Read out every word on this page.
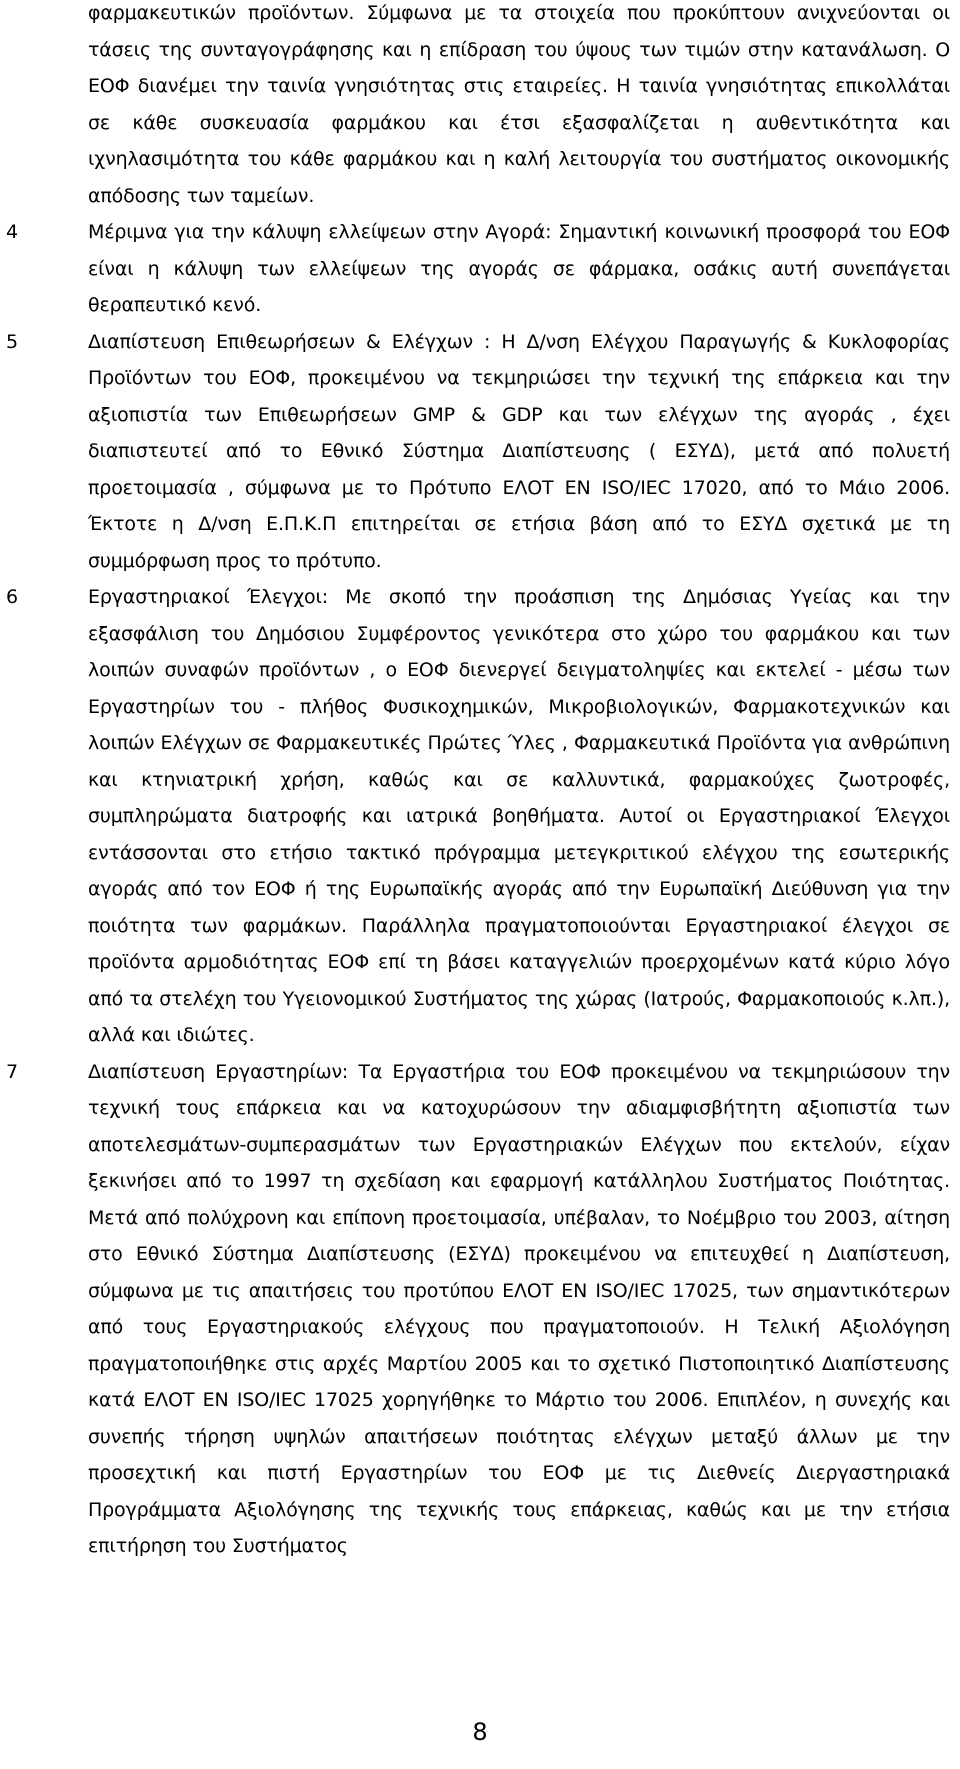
φαρμακευτικών προϊόντων. Σύμφωνα με τα στοιχεία που προκύπτουν ανιχνεύονται οι τάσεις της συνταγογράφησης και η επίδραση του ύψους των τιμών στην κατανάλωση. Ο ΕΟΦ διανέμει την ταινία γνησιότητας στις εταιρείες. Η ταινία γνησιότητας επικολλάται σε κάθε συσκευασία φαρμάκου και έτσι εξασφαλίζεται η αυθεντικότητα και ιχνηλασιμότητα του κάθε φαρμάκου και η καλή λειτουργία του συστήματος οικονομικής απόδοσης των ταμείων.

4	Μέριμνα για την κάλυψη ελλείψεων στην Αγορά: Σημαντική κοινωνική προσφορά του ΕΟΦ είναι η κάλυψη των ελλείψεων της αγοράς σε φάρμακα, οσάκις αυτή συνεπάγεται θεραπευτικό κενό.

5	Διαπίστευση Επιθεωρήσεων & Ελέγχων : Η Δ/νση Ελέγχου Παραγωγής & Κυκλοφορίας Προϊόντων του ΕΟΦ, προκειμένου να τεκμηριώσει την τεχνική της επάρκεια και την αξιοπιστία των Επιθεωρήσεων GMP & GDP και των ελέγχων της αγοράς , έχει διαπιστευτεί από το Εθνικό Σύστημα Διαπίστευσης ( ΕΣΥΔ), μετά από πολυετή προετοιμασία , σύμφωνα με το Πρότυπο ΕΛΟΤ ΕΝ ISO/IEC 17020, από το Μάιο 2006. Έκτοτε η Δ/νση Ε.Π.Κ.Π επιτηρείται σε ετήσια βάση από το ΕΣΥΔ σχετικά με τη συμμόρφωση προς το πρότυπο.

6	Εργαστηριακοί Έλεγχοι: Με σκοπό την προάσπιση της Δημόσιας Υγείας και την εξασφάλιση του Δημόσιου Συμφέροντος γενικότερα στο χώρο του φαρμάκου και των λοιπών συναφών προϊόντων , ο ΕΟΦ διενεργεί δειγματοληψίες και εκτελεί - μέσω των Εργαστηρίων του - πλήθος Φυσικοχημικών, Μικροβιολογικών, Φαρμακοτεχνικών και λοιπών Ελέγχων σε Φαρμακευτικές Πρώτες Ύλες , Φαρμακευτικά Προϊόντα για ανθρώπινη και κτηνιατρική χρήση, καθώς και σε καλλυντικά, φαρμακούχες ζωοτροφές, συμπληρώματα διατροφής και ιατρικά βοηθήματα. Αυτοί οι Εργαστηριακοί Έλεγχοι εντάσσονται στο ετήσιο τακτικό πρόγραμμα μετεγκριτικού ελέγχου της εσωτερικής αγοράς από τον ΕΟΦ ή της Ευρωπαϊκής αγοράς από την Ευρωπαϊκή Διεύθυνση για την ποιότητα των φαρμάκων. Παράλληλα πραγματοποιούνται Εργαστηριακοί έλεγχοι σε προϊόντα αρμοδιότητας ΕΟΦ επί τη βάσει καταγγελιών προερχομένων κατά κύριο λόγο από τα στελέχη του Υγειονομικού Συστήματος της χώρας (Ιατρούς, Φαρμακοποιούς κ.λπ.), αλλά και ιδιώτες.

7	Διαπίστευση Εργαστηρίων: Τα Εργαστήρια του ΕΟΦ προκειμένου να τεκμηριώσουν την τεχνική τους επάρκεια και να κατοχυρώσουν την αδιαμφισβήτητη αξιοπιστία των αποτελεσμάτων-συμπερασμάτων των Εργαστηριακών Ελέγχων που εκτελούν, είχαν ξεκινήσει από το 1997 τη σχεδίαση και εφαρμογή κατάλληλου Συστήματος Ποιότητας. Μετά από πολύχρονη και επίπονη προετοιμασία, υπέβαλαν, το Νοέμβριο του 2003, αίτηση στο Εθνικό Σύστημα Διαπίστευσης (ΕΣΥΔ) προκειμένου να επιτευχθεί η Διαπίστευση, σύμφωνα με τις απαιτήσεις του προτύπου ΕΛΟΤ ΕΝ ISO/IEC 17025, των σημαντικότερων από τους Εργαστηριακούς ελέγχους που πραγματοποιούν. Η Τελική Αξιολόγηση πραγματοποιήθηκε στις αρχές Μαρτίου 2005 και το σχετικό Πιστοποιητικό Διαπίστευσης κατά ΕΛΟΤ ΕΝ ISO/IEC 17025 χορηγήθηκε το Μάρτιο του 2006. Επιπλέον, η συνεχής και συνεπής τήρηση υψηλών απαιτήσεων ποιότητας ελέγχων μεταξύ άλλων με την προσεχτική και πιστή Εργαστηρίων του ΕΟΦ με τις Διεθνείς Διεργαστηριακά Προγράμματα Αξιολόγησης της τεχνικής τους επάρκειας, καθώς και με την ετήσια επιτήρηση του Συστήματος

8
